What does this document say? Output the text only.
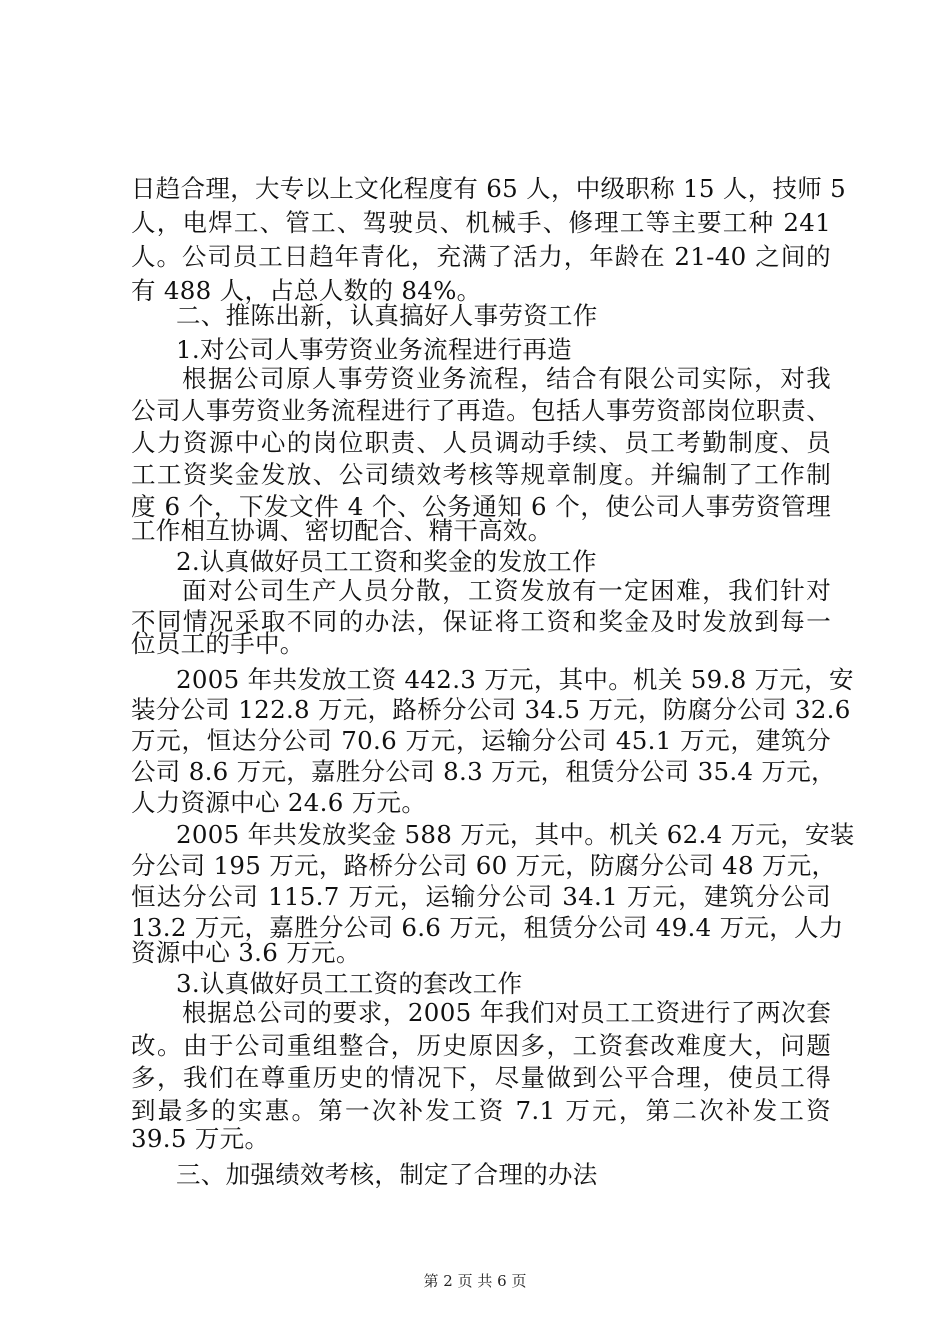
日趋合理，大专以上文化程度有 65 人，中级职称 15 人，技师 5
人，电焊工、管工、驾驶员、机械手、修理工等主要工种 241
人。公司员工日趋年青化，充满了活力，年龄在 21-40 之间的
有 488 人，占总人数的 84%。
二、推陈出新，认真搞好人事劳资工作
1.对公司人事劳资业务流程进行再造
根据公司原人事劳资业务流程，结合有限公司实际，对我
公司人事劳资业务流程进行了再造。包括人事劳资部岗位职责、
人力资源中心的岗位职责、人员调动手续、员工考勤制度、员
工工资奖金发放、公司绩效考核等规章制度。并编制了工作制
度 6 个，下发文件 4 个、公务通知 6 个，使公司人事劳资管理
工作相互协调、密切配合、精干高效。
2.认真做好员工工资和奖金的发放工作
面对公司生产人员分散，工资发放有一定困难，我们针对
不同情况采取不同的办法，保证将工资和奖金及时发放到每一
位员工的手中。
2005 年共发放工资 442.3 万元，其中。机关 59.8 万元，安
装分公司 122.8 万元，路桥分公司 34.5 万元，防腐分公司 32.6
万元，恒达分公司 70.6 万元，运输分公司 45.1 万元，建筑分
公司 8.6 万元，嘉胜分公司 8.3 万元，租赁分公司 35.4 万元，
人力资源中心 24.6 万元。
2005 年共发放奖金 588 万元，其中。机关 62.4 万元，安装
分公司 195 万元，路桥分公司 60 万元，防腐分公司 48 万元，
恒达分公司 115.7 万元，运输分公司 34.1 万元，建筑分公司
13.2 万元，嘉胜分公司 6.6 万元，租赁分公司 49.4 万元，人力
资源中心 3.6 万元。
3.认真做好员工工资的套改工作
根据总公司的要求，2005 年我们对员工工资进行了两次套
改。由于公司重组整合，历史原因多，工资套改难度大，问题
多，我们在尊重历史的情况下，尽量做到公平合理，使员工得
到最多的实惠。第一次补发工资 7.1 万元，第二次补发工资
39.5 万元。
三、加强绩效考核，制定了合理的办法
第 2 页 共 6 页
